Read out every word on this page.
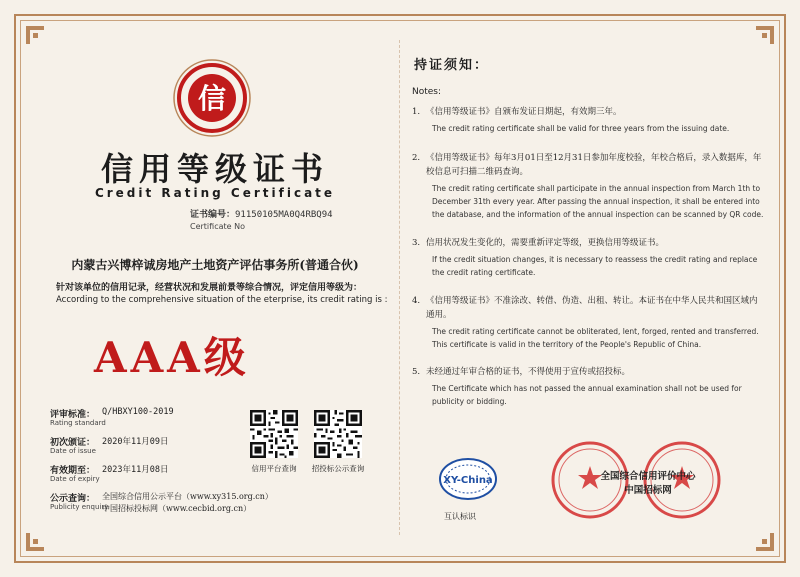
信
信用等级证书
Credit Rating Certificate
证书编号：91150105MA0Q4RBQ94
Certificate No
内蒙古兴博梓诚房地产土地资产评估事务所(普通合伙)
针对该单位的信用记录，经营状况和发展前景等综合情况，评定信用等级为：
According to the comprehensive situation of the eterprise, its credit rating is :
AAA级
评审标准：
Rating standard
Q/HBXY100-2019
初次颁证：
Date of issue
2020年11月09日
有效期至：
Date of expiry
2023年11月08日
公示查询：
Publicity enquiry
全国综合信用公示平台（www.xy315.org.cn）
中国招标投标网（www.cecbid.org.cn）
信用平台查询	招投标公示查询
持证须知：
Notes:
1. 《信用等级证书》自颁布发证日期起，有效期三年。
The credit rating certificate shall be valid for three years from the issuing date.
2. 《信用等级证书》每年3月01日至12月31日参加年度校验，年校合格后，录入数据库，年校信息可扫描二维码查询。
The credit rating certificate shall participate in the annual inspection from March 1th to December 31th every year. After passing the annual inspection, it shall be entered into the database, and the information of the annual inspection can be scanned by QR code.
3. 信用状况发生变化的，需要重新评定等级，更换信用等级证书。
If the credit situation changes, it is necessary to reassess the credit rating and replace the credit rating certificate.
4. 《信用等级证书》不准涂改、转借、伪造、出租、转让。本证书在中华人民共和国区域内通用。
The credit rating certificate cannot be obliterated, lent, forged, rented and transferred. This certificate is valid in the territory of the People's Republic of China.
5. 未经通过年审合格的证书，不得使用于宣传或招投标。
The Certificate which has not passed the annual examination shall not be used for publicity or bidding.
XY-China
互认标识
全国综合信用评价中心
中国招标网
